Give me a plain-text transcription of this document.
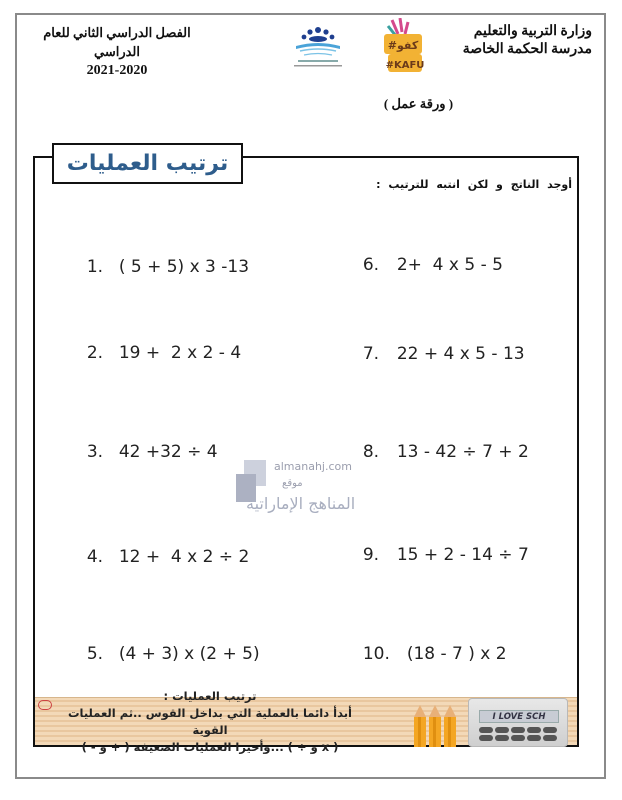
وزارة التربية والتعليم
مدرسة الحكمة الخاصة
الفصل الدراسي الثاني للعام الدراسي
2021-2020
#كفو
#KAFU
( ورقة عمل )
ترتيب العمليات
أوجد الناتج و لكن انتبه للترتيب :

1. ( 5 + 5) x 3 -13

2. 19 +  2 x 2 - 4

3. 42 +32 ÷ 4

4. 12 +  4 x 2 ÷ 2

5. (4 + 3) x (2 + 5)

6. 2+  4 x 5 - 5

7. 22 + 4 x 5 - 13

8. 13 - 42 ÷ 7 + 2

9. 15 + 2 - 14 ÷ 7

10. (18 - 7 ) x 2

almanahj.com
موقع
المناهج الإماراتية
ترتيب العمليات :
أبدأ دائما بالعملية التي بداخل القوس ..ثم العمليات القوية
( x و ÷ ) ...وأخيرا العمليات الضعيفة ( + و - )
I LOVE SCH
